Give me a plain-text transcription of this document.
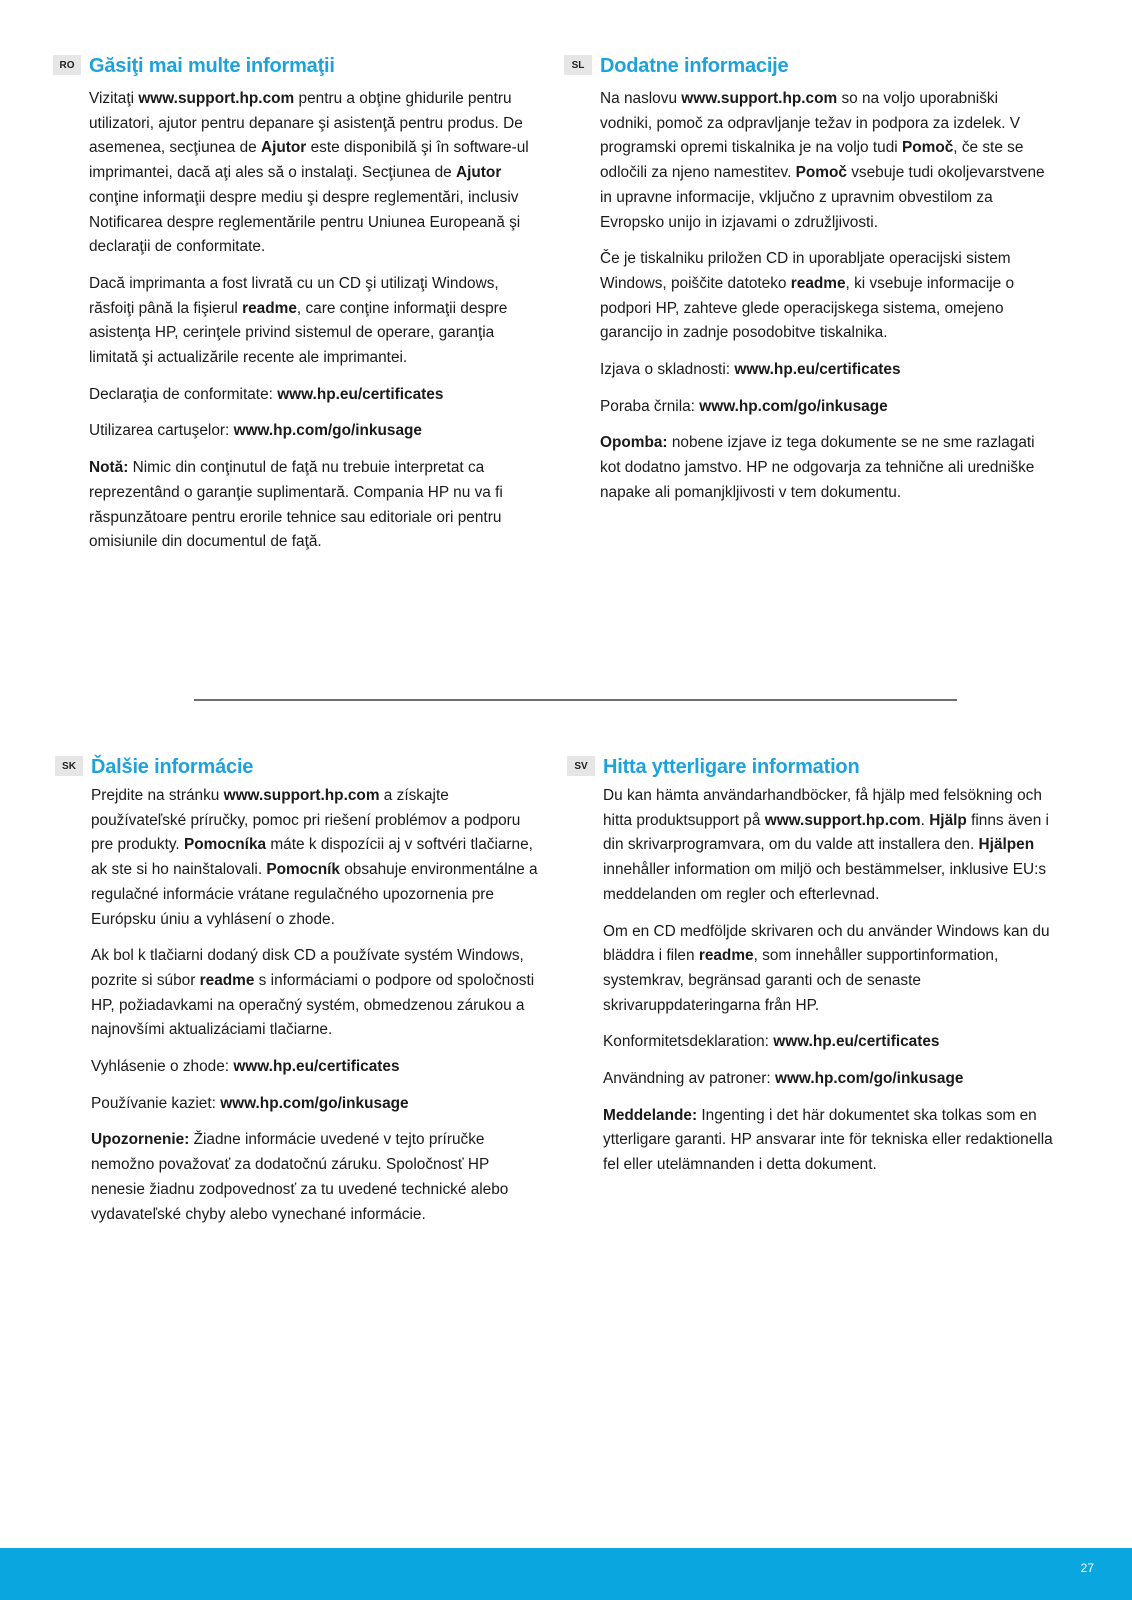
RO Găsiţi mai multe informaţii

Vizitaţi www.support.hp.com pentru a obţine ghidurile pentru utilizatori, ajutor pentru depanare şi asistenţă pentru produs. De asemenea, secţiunea de Ajutor este disponibilă şi în software-ul imprimantei, dacă aţi ales să o instalaţi. Secţiunea de Ajutor conţine informaţii despre mediu şi despre reglementări, inclusiv Notificarea despre reglementările pentru Uniunea Europeană şi declaraţii de conformitate.

Dacă imprimanta a fost livrată cu un CD şi utilizaţi Windows, răsfoiţi până la fişierul readme, care conţine informaţii despre asistenţa HP, cerinţele privind sistemul de operare, garanţia limitată şi actualizările recente ale imprimantei.

Declaraţia de conformitate: www.hp.eu/certificates

Utilizarea cartuşelor: www.hp.com/go/inkusage

Notă: Nimic din conţinutul de faţă nu trebuie interpretat ca reprezentând o garanţie suplimentară. Compania HP nu va fi răspunzătoare pentru erorile tehnice sau editoriale ori pentru omisiunile din documentul de faţă.

SL Dodatne informacije

Na naslovu www.support.hp.com so na voljo uporabniški vodniki, pomoč za odpravljanje težav in podpora za izdelek. V programski opremi tiskalnika je na voljo tudi Pomoč, če ste se odločili za njeno namestitev. Pomoč vsebuje tudi okoljevarstvene in upravne informacije, vključno z upravnim obvestilom za Evropsko unijo in izjavami o združljivosti.

Če je tiskalniku priložen CD in uporabljate operacijski sistem Windows, poiščite datoteko readme, ki vsebuje informacije o podpori HP, zahteve glede operacijskega sistema, omejeno garancijo in zadnje posodobitve tiskalnika.

Izjava o skladnosti: www.hp.eu/certificates

Poraba črnila: www.hp.com/go/inkusage

Opomba: nobene izjave iz tega dokumente se ne sme razlagati kot dodatno jamstvo. HP ne odgovarja za tehnične ali uredniške napake ali pomanjkljivosti v tem dokumentu.

SK Ďalšie informácie

Prejdite na stránku www.support.hp.com a získajte používateľské príručky, pomoc pri riešení problémov a podporu pre produkty. Pomocníka máte k dispozícii aj v softvéri tlačiarne, ak ste si ho nainštalovali. Pomocník obsahuje environmentálne a regulačné informácie vrátane regulačného upozornenia pre Európsku úniu a vyhlásení o zhode.

Ak bol k tlačiarni dodaný disk CD a používate systém Windows, pozrite si súbor readme s informáciami o podpore od spoločnosti HP, požiadavkami na operačný systém, obmedzenou zárukou a najnovšími aktualizáciami tlačiarne.

Vyhlásenie o zhode: www.hp.eu/certificates

Používanie kaziet: www.hp.com/go/inkusage

Upozornenie: Žiadne informácie uvedené v tejto príručke nemožno považovať za dodatočnú záruku. Spoločnosť HP nenesie žiadnu zodpovednosť za tu uvedené technické alebo vydavateľské chyby alebo vynechané informácie.

SV Hitta ytterligare information

Du kan hämta användarhandböcker, få hjälp med felsökning och hitta produktsupport på www.support.hp.com. Hjälp finns även i din skrivarprogramvara, om du valde att installera den. Hjälpen innehåller information om miljö och bestämmelser, inklusive EU:s meddelanden om regler och efterlevnad.

Om en CD medföljde skrivaren och du använder Windows kan du bläddra i filen readme, som innehåller supportinformation, systemkrav, begränsad garanti och de senaste skrivaruppdateringarna från HP.

Konformitetsdeklaration: www.hp.eu/certificates

Användning av patroner: www.hp.com/go/inkusage

Meddelande: Ingenting i det här dokumentet ska tolkas som en ytterligare garanti. HP ansvarar inte för tekniska eller redaktionella fel eller utelämnanden i detta dokument.

27
